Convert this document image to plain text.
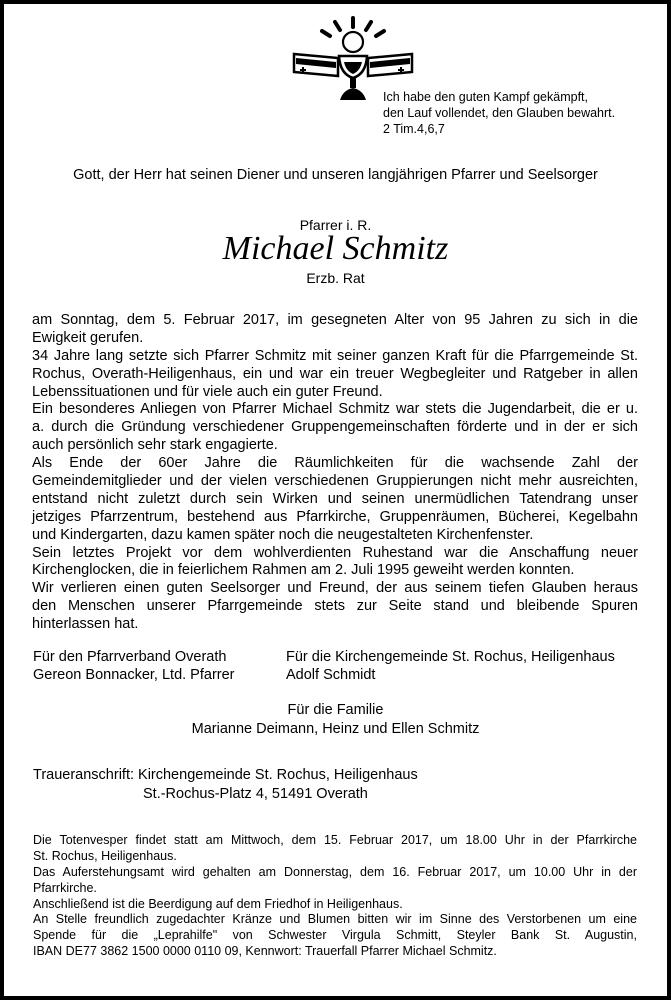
Ich habe den guten Kampf gekämpft,
den Lauf vollendet, den Glauben bewahrt.
2 Tim.4,6,7
Gott, der Herr hat seinen Diener und unseren langjährigen Pfarrer und Seelsorger
Pfarrer i. R.
Michael Schmitz
Erzb. Rat
am Sonntag, dem 5. Februar 2017, im gesegneten Alter von 95 Jahren zu sich in die
Ewigkeit gerufen.
34 Jahre lang setzte sich Pfarrer Schmitz mit seiner ganzen Kraft für die Pfarrgemeinde St.
Rochus, Overath-Heiligenhaus, ein und war ein treuer Wegbegleiter und Ratgeber in allen
Lebenssituationen und für viele auch ein guter Freund.
Ein besonderes Anliegen von Pfarrer Michael Schmitz war stets die Jugendarbeit, die er u.
a. durch die Gründung verschiedener Gruppengemeinschaften förderte und in der er sich
auch persönlich sehr stark engagierte.
Als Ende der 60er Jahre die Räumlichkeiten für die wachsende Zahl der
Gemeindemitglieder und der vielen verschiedenen Gruppierungen nicht mehr ausreichten,
entstand nicht zuletzt durch sein Wirken und seinen unermüdlichen Tatendrang unser
jetziges Pfarrzentrum, bestehend aus Pfarrkirche, Gruppenräumen, Bücherei, Kegelbahn
und Kindergarten, dazu kamen später noch die neugestalteten Kirchenfenster.
Sein letztes Projekt vor dem wohlverdienten Ruhestand war die Anschaffung neuer
Kirchenglocken, die in feierlichem Rahmen am 2. Juli 1995 geweiht werden konnten.
Wir verlieren einen guten Seelsorger und Freund, der aus seinem tiefen Glauben heraus
den Menschen unserer Pfarrgemeinde stets zur Seite stand und bleibende Spuren
hinterlassen hat.
Für den Pfarrverband Overath
Gereon Bonnacker, Ltd. Pfarrer
Für die Kirchengemeinde St. Rochus, Heiligenhaus
Adolf Schmidt
Für die Familie
Marianne Deimann, Heinz und Ellen Schmitz
Traueranschrift: Kirchengemeinde St. Rochus, Heiligenhaus
St.-Rochus-Platz 4, 51491 Overath
Die Totenvesper findet statt am Mittwoch, dem 15. Februar 2017, um 18.00 Uhr in der Pfarrkirche
St. Rochus, Heiligenhaus.
Das Auferstehungsamt wird gehalten am Donnerstag, dem 16. Februar 2017, um 10.00 Uhr in der
Pfarrkirche.
Anschließend ist die Beerdigung auf dem Friedhof in Heiligenhaus.
An Stelle freundlich zugedachter Kränze und Blumen bitten wir im Sinne des Verstorbenen um eine
Spende für die „Leprahilfe" von Schwester Virgula Schmitt, Steyler Bank St. Augustin,
IBAN DE77 3862 1500 0000 0110 09, Kennwort: Trauerfall Pfarrer Michael Schmitz.
